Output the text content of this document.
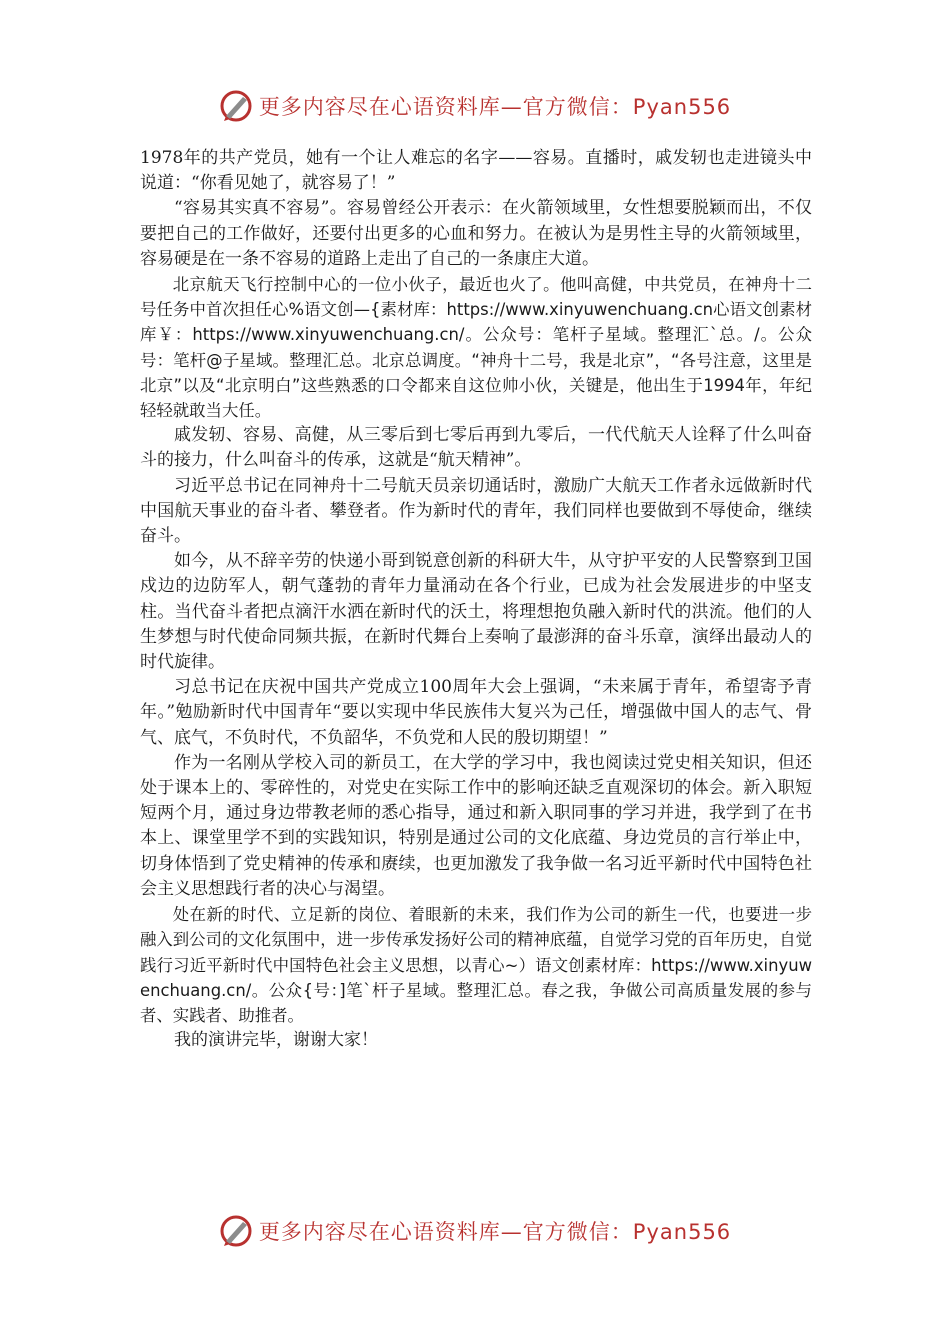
更多内容尽在心语资料库—官方微信：Pyan556

1978年的共产党员，她有一个让人难忘的名字——容易。直播时，戚发轫也走进镜头中说道：“你看见她了，就容易了！”

“容易其实真不容易”。容易曾经公开表示：在火箭领域里，女性想要脱颖而出，不仅要把自己的工作做好，还要付出更多的心血和努力。在被认为是男性主导的火箭领域里，容易硬是在一条不容易的道路上走出了自己的一条康庄大道。

北京航天飞行控制中心的一位小伙子，最近也火了。他叫高健，中共党员，在神舟十二号任务中首次担任心%语文创—{素材库：https://www.xinyuwenchuang.cn心语文创素材库￥：https://www.xinyuwenchuang.cn/。公众号：笔杆子星域。整理汇`总。/。公众号：笔杆@子星域。整理汇总。北京总调度。“神舟十二号，我是北京”，“各号注意，这里是北京”以及“北京明白”这些熟悉的口令都来自这位帅小伙，关键是，他出生于1994年，年纪轻轻就敢当大任。

戚发轫、容易、高健，从三零后到七零后再到九零后，一代代航天人诠释了什么叫奋斗的接力，什么叫奋斗的传承，这就是“航天精神”。

习近平总书记在同神舟十二号航天员亲切通话时，激励广大航天工作者永远做新时代中国航天事业的奋斗者、攀登者。作为新时代的青年，我们同样也要做到不辱使命，继续奋斗。

如今，从不辞辛劳的快递小哥到锐意创新的科研大牛，从守护平安的人民警察到卫国戍边的边防军人，朝气蓬勃的青年力量涌动在各个行业，已成为社会发展进步的中坚支柱。当代奋斗者把点滴汗水洒在新时代的沃土，将理想抱负融入新时代的洪流。他们的人生梦想与时代使命同频共振，在新时代舞台上奏响了最澎湃的奋斗乐章，演绎出最动人的时代旋律。

习总书记在庆祝中国共产党成立100周年大会上强调，“未来属于青年，希望寄予青年。”勉励新时代中国青年“要以实现中华民族伟大复兴为己任，增强做中国人的志气、骨气、底气，不负时代，不负韶华，不负党和人民的殷切期望！”

作为一名刚从学校入司的新员工，在大学的学习中，我也阅读过党史相关知识，但还处于课本上的、零碎性的，对党史在实际工作中的影响还缺乏直观深切的体会。新入职短短两个月，通过身边带教老师的悉心指导，通过和新入职同事的学习并进，我学到了在书本上、课堂里学不到的实践知识，特别是通过公司的文化底蕴、身边党员的言行举止中，切身体悟到了党史精神的传承和赓续，也更加激发了我争做一名习近平新时代中国特色社会主义思想践行者的决心与渴望。

处在新的时代、立足新的岗位、着眼新的未来，我们作为公司的新生一代，也要进一步融入到公司的文化氛围中，进一步传承发扬好公司的精神底蕴，自觉学习党的百年历史，自觉践行习近平新时代中国特色社会主义思想，以青心~）语文创素材库：https://www.xinyuwenchuang.cn/。公众{号：]笔`杆子星域。整理汇总。春之我，争做公司高质量发展的参与者、实践者、助推者。

我的演讲完毕，谢谢大家！

更多内容尽在心语资料库—官方微信：Pyan556
